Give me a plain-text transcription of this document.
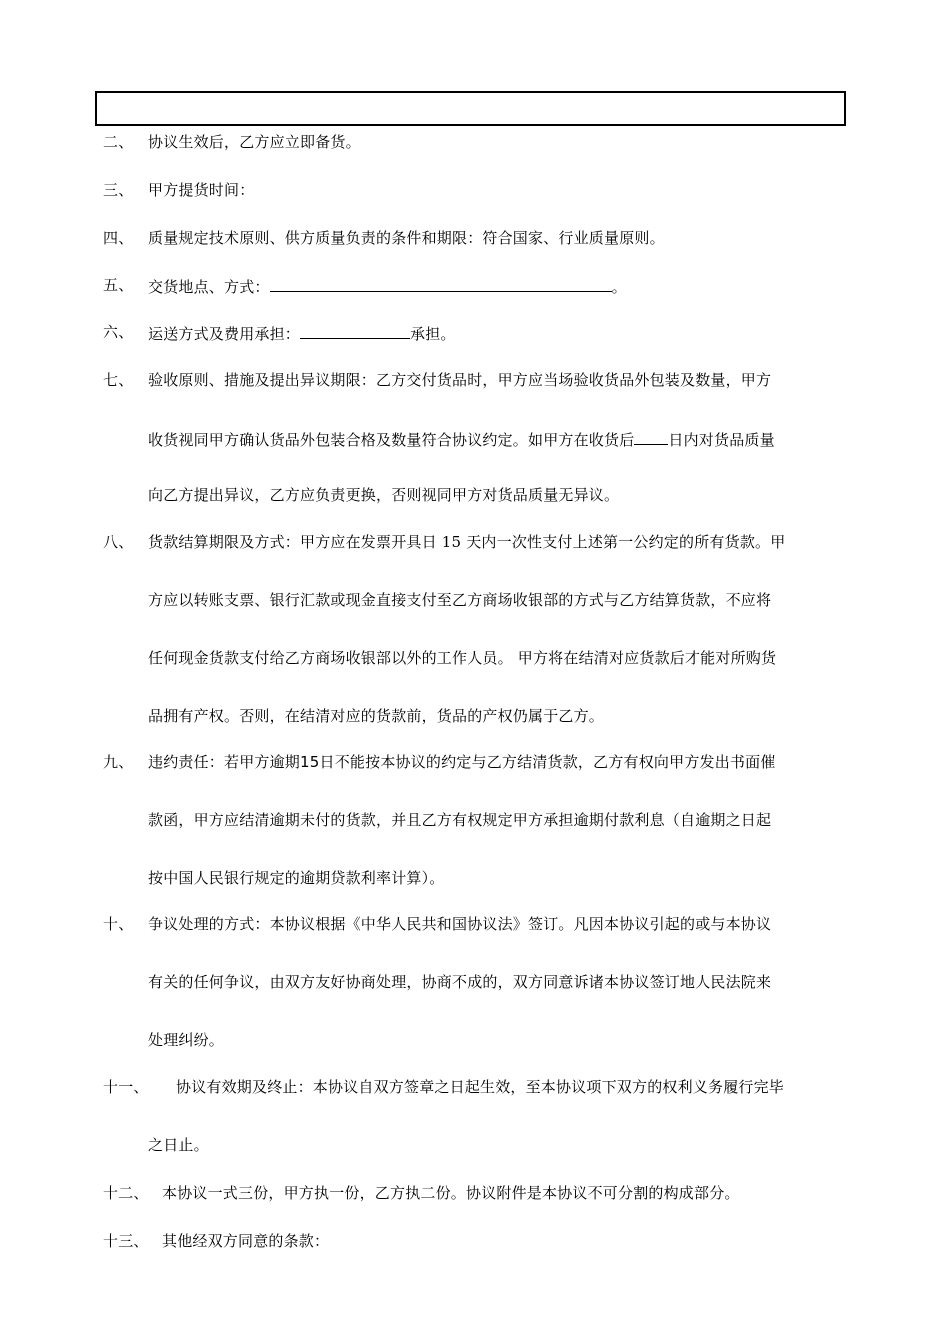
二、 协议生效后，乙方应立即备货。
三、 甲方提货时间：
四、 质量规定技术原则、供方质量负责的条件和期限：符合国家、行业质量原则。
五、 交货地点、方式：	。
六、 运送方式及费用承担：	承担。
七、 验收原则、措施及提出异议期限：乙方交付货品时，甲方应当场验收货品外包装及数量，甲方
收货视同甲方确认货品外包装合格及数量符合协议约定。如甲方在收货后 日内对货品质量
向乙方提出异议，乙方应负责更换，否则视同甲方对货品质量无异议。
八、 货款结算期限及方式：甲方应在发票开具日 15 天内一次性支付上述第一公约定的所有货款。甲
方应以转账支票、银行汇款或现金直接支付至乙方商场收银部的方式与乙方结算货款，不应将
任何现金货款支付给乙方商场收银部以外的工作人员。 甲方将在结清对应货款后才能对所购货
品拥有产权。否则，在结清对应的货款前，货品的产权仍属于乙方。
九、 违约责任：若甲方逾期15日不能按本协议的约定与乙方结清货款，乙方有权向甲方发出书面催
款函，甲方应结清逾期未付的货款，并且乙方有权规定甲方承担逾期付款利息（自逾期之日起
按中国人民银行规定的逾期贷款利率计算）。
十、 争议处理的方式：本协议根据《中华人民共和国协议法》签订。凡因本协议引起的或与本协议
有关的任何争议，由双方友好协商处理，协商不成的，双方同意诉诸本协议签订地人民法院来
处理纠纷。
十一、 协议有效期及终止：本协议自双方签章之日起生效，至本协议项下双方的权利义务履行完毕
之日止。
十二、 本协议一式三份，甲方执一份，乙方执二份。协议附件是本协议不可分割的构成部分。
十三、 其他经双方同意的条款：
